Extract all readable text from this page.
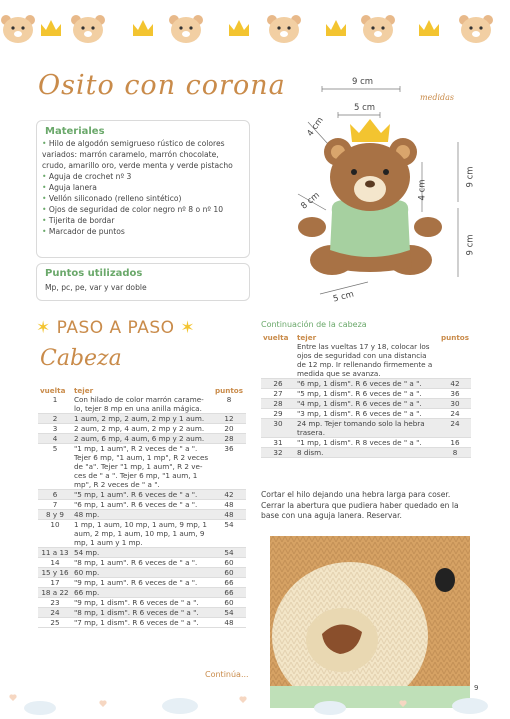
Osito con corona
Materiales
• Hilo de algodón semigrueso rústico de colores variados: marrón caramelo, marrón chocolate, crudo, amarillo oro, verde menta y verde pistacho
• Aguja de crochet nº 3
• Aguja lanera
• Vellón siliconado (relleno sintético)
• Ojos de seguridad de color negro nº 8 o nº 10
• Tijerita de bordar
• Marcador de puntos
Puntos utilizados
Mp, pc, pe, var y var doble
9 cm
5 cm
4 cm
4 cm
8 cm
9 cm
9 cm
5 cm
medidas
✶ PASO A PASO ✶
Cabeza
vuelta	tejer	puntos
1	Con hilado de color marrón carame-lo, tejer 8 mp en una anilla mágica.	8
2	1 aum, 2 mp, 2 aum, 2 mp y 1 aum.	12
3	2 aum, 2 mp, 4 aum, 2 mp y 2 aum.	20
4	2 aum, 6 mp, 4 aum, 6 mp y 2 aum.	28
5	"1 mp, 1 aum", R 2 veces de " a ". Tejer 6 mp, "1 aum, 1 mp", R 2 veces de "a". Tejer "1 mp, 1 aum", R 2 ve-ces de " a ". Tejer 6 mp, "1 aum, 1 mp", R 2 veces de " a ".	36
6	"5 mp, 1 aum". R 6 veces de " a ".	42
7	"6 mp, 1 aum". R 6 veces de " a ".	48
8 y 9	48 mp.	48
10	1 mp, 1 aum, 10 mp, 1 aum, 9 mp, 1 aum, 2 mp, 1 aum, 10 mp, 1 aum, 9 mp, 1 aum y 1 mp.	54
11 a 13	54 mp.	54
14	"8 mp, 1 aum". R 6 veces de " a ".	60
15 y 16	60 mp.	60
17	"9 mp, 1 aum". R 6 veces de " a ".	66
18 a 22	66 mp.	66
23	"9 mp, 1 dism". R 6 veces de " a ".	60
24	"8 mp, 1 dism". R 6 veces de " a ".	54
25	"7 mp, 1 dism". R 6 veces de " a ".	48
Continuación de la cabeza
vuelta	tejer	puntos
	Entre las vueltas 17 y 18, colocar los ojos de seguridad con una distancia de 12 mp. Ir rellenando firmemente a medida que se avanza.	
26	"6 mp, 1 dism". R 6 veces de " a ".	42
27	"5 mp, 1 dism". R 6 veces de " a ".	36
28	"4 mp, 1 dism". R 6 veces de " a ".	30
29	"3 mp, 1 dism". R 6 veces de " a ".	24
30	24 mp. Tejer tomando solo la hebra trasera.	24
31	"1 mp, 1 dism". R 8 veces de " a ".	16
32	8 dism.	8
Cortar el hilo dejando una hebra larga para coser. Cerrar la abertura que pudiera haber quedado en la base con una aguja lanera. Reservar.
Continúa...
9
